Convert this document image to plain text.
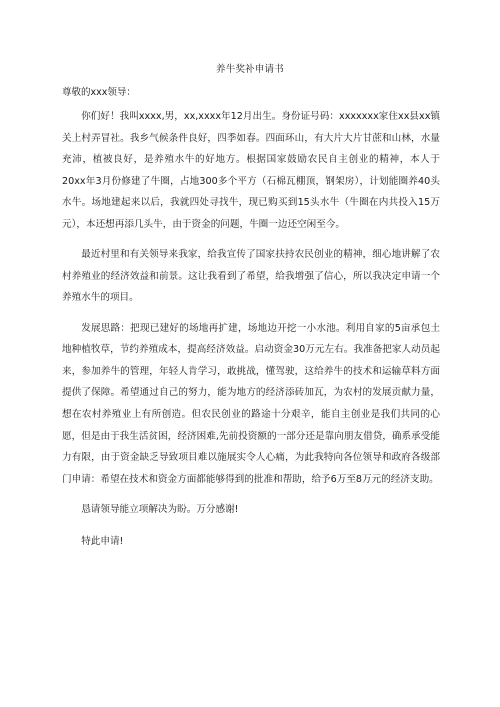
养牛奖补申请书
尊敬的xxx领导：

你们好！我叫xxxx,男，xx,xxxx年12月出生。身份证号码：xxxxxxx家住xx县xx镇关上村弄冒社。我乡气候条件良好，四季如春。四面环山，有大片大片甘蔗和山林，水量充沛，植被良好，是养殖水牛的好地方。根据国家鼓励农民自主创业的精神，本人于20xx年3月份修建了牛圈，占地300多个平方（石棉瓦棚顶，钢架房），计划能圈养40头水牛。场地建起来以后，我就四处寻找牛，现已购买到15头水牛（牛圈在内共投入15万元），本还想再添几头牛，由于资金的问题，牛圈一边还空闲至今。

最近村里和有关领导来我家，给我宣传了国家扶持农民创业的精神，细心地讲解了农村养殖业的经济效益和前景。这让我看到了希望，给我增强了信心，所以我决定申请一个养殖水牛的项目。

发展思路：把现已建好的场地再扩建，场地边开挖一小水池。利用自家的5亩承包土地种植牧草，节约养殖成本，提高经济效益。启动资金30万元左右。我准备把家人动员起来，参加养牛的管理，年轻人肯学习，敢挑战，懂驾驶，这给养牛的技术和运输草料方面提供了保障。希望通过自己的努力，能为地方的经济添砖加瓦，为农村的发展贡献力量，想在农村养殖业上有所创造。但农民创业的路途十分艰辛，能自主创业是我们共同的心愿，但是由于我生活贫困，经济困难,先前投资额的一部分还是靠向朋友借贷，确系承受能力有限，由于资金缺乏导致项目难以施展实令人心痛，为此我特向各位领导和政府各级部门申请：希望在技术和资金方面都能够得到的批准和帮助，给予6万至8万元的经济支助。

恳请领导能立项解决为盼。万分感谢!

特此申请!
